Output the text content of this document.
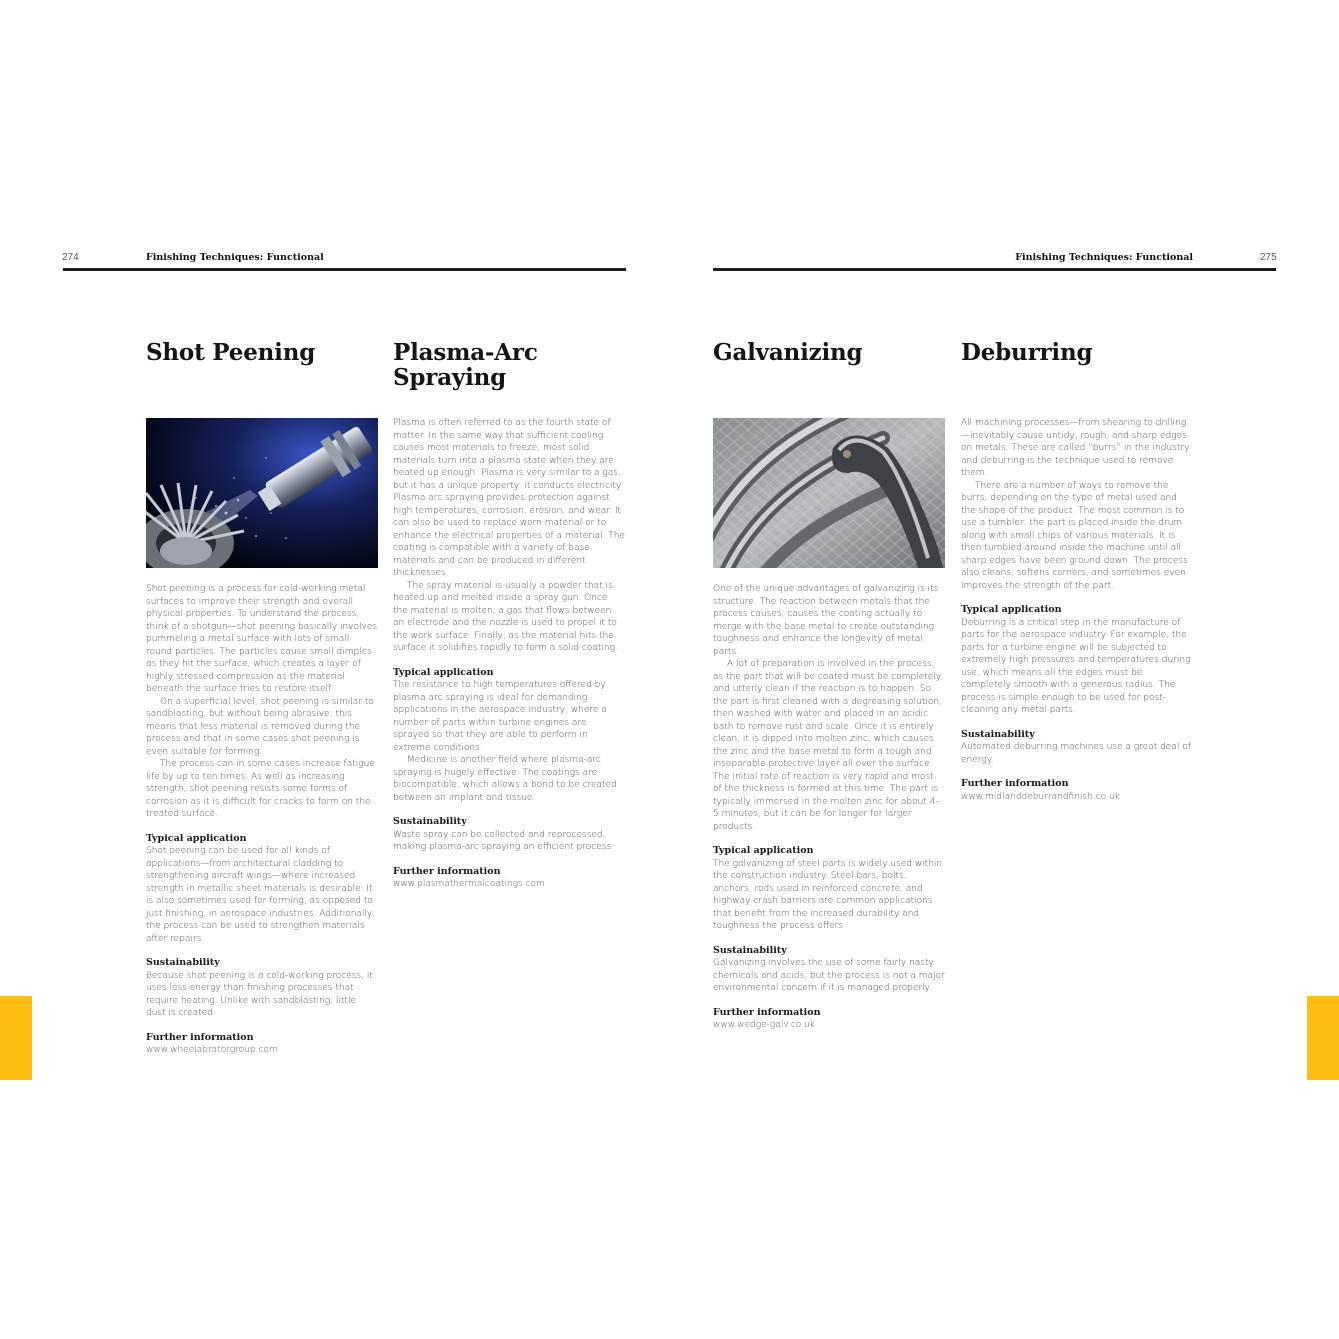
274	Finishing Techniques: Functional	Finishing Techniques: Functional	275
Shot Peening

Shot peening is a process for cold-working metal surfaces to improve their strength and overall physical properties. To understand the process, think of a shotgun—shot peening basically involves pummeling a metal surface with lots of small round particles. The particles cause small dimples as they hit the surface, which creates a layer of highly stressed compression as the material beneath the surface tries to restore itself.

On a superficial level, shot peening is similar to sandblasting, but without being abrasive; this means that less material is removed during the process and that in some cases shot peening is even suitable for forming.

The process can in some cases increase fatigue life by up to ten times. As well as increasing strength, shot peening resists some forms of corrosion as it is difficult for cracks to form on the treated surface.

Typical application

Shot peening can be used for all kinds of applications—from architectural cladding to strengthening aircraft wings—where increased strength in metallic sheet materials is desirable. It is also sometimes used for forming, as opposed to just finishing, in aerospace industries. Additionally, the process can be used to strengthen materials after repairs.

Sustainability

Because shot peening is a cold-working process, it uses less energy than finishing processes that require heating. Unlike with sandblasting, little dust is created.

Further information

www.wheelabratorgroup.com

Plasma-Arc Spraying

Plasma is often referred to as the fourth state of matter. In the same way that sufficient cooling causes most materials to freeze, most solid materials turn into a plasma state when they are heated up enough. Plasma is very similar to a gas, but it has a unique property: it conducts electricity. Plasma arc spraying provides protection against high temperatures, corrosion, erosion, and wear. It can also be used to replace worn material or to enhance the electrical properties of a material. The coating is compatible with a variety of base materials and can be produced in different thicknesses.

The spray material is usually a powder that is heated up and melted inside a spray gun. Once the material is molten, a gas that flows between an electrode and the nozzle is used to propel it to the work surface. Finally, as the material hits the surface it solidifies rapidly to form a solid coating.

Typical application

The resistance to high temperatures offered by plasma arc spraying is ideal for demanding applications in the aerospace industry, where a number of parts within turbine engines are sprayed so that they are able to perform in extreme conditions.

Medicine is another field where plasma-arc spraying is hugely effective. The coatings are biocompatible, which allows a bond to be created between an implant and tissue.

Sustainability

Waste spray can be collected and reprocessed, making plasma-arc spraying an efficient process.

Further information

www.plasmathermalcoatings.com

Galvanizing

One of the unique advantages of galvanizing is its structure. The reaction between metals that the process causes, causes the coating actually to merge with the base metal to create outstanding toughness and enhance the longevity of metal parts.

A lot of preparation is involved in the process, as the part that will be coated must be completely and utterly clean if the reaction is to happen. So the part is first cleaned with a degreasing solution, then washed with water and placed in an acidic bath to remove rust and scale. Once it is entirely clean, it is dipped into molten zinc, which causes the zinc and the base metal to form a tough and inseparable protective layer all over the surface. The initial rate of reaction is very rapid and most of the thickness is formed at this time. The part is typically immersed in the molten zinc for about 4–5 minutes, but it can be for longer for larger products.

Typical application

The galvanizing of steel parts is widely used within the construction industry. Steel bars, bolts, anchors, rods used in reinforced concrete, and highway crash barriers are common applications that benefit from the increased durability and toughness the process offers.

Sustainability

Galvanizing involves the use of some fairly nasty chemicals and acids, but the process is not a major environmental concern if it is managed properly.

Further information

www.wedge-galv.co.uk

Deburring

All machining processes—from shearing to drilling—inevitably cause untidy, rough, and sharp edges on metals. These are called “burrs” in the industry and deburring is the technique used to remove them.

There are a number of ways to remove the burrs, depending on the type of metal used and the shape of the product. The most common is to use a tumbler: the part is placed inside the drum along with small chips of various materials. It is then tumbled around inside the machine until all sharp edges have been ground down. The process also cleans, softens corners, and sometimes even improves the strength of the part.

Typical application

Deburring is a critical step in the manufacture of parts for the aerospace industry. For example, the parts for a turbine engine will be subjected to extremely high pressures and temperatures during use, which means all the edges must be completely smooth with a generous radius. The process is simple enough to be used for post-cleaning any metal parts.

Sustainability

Automated deburring machines use a great deal of energy.

Further information

www.midlanddeburrandfinish.co.uk
